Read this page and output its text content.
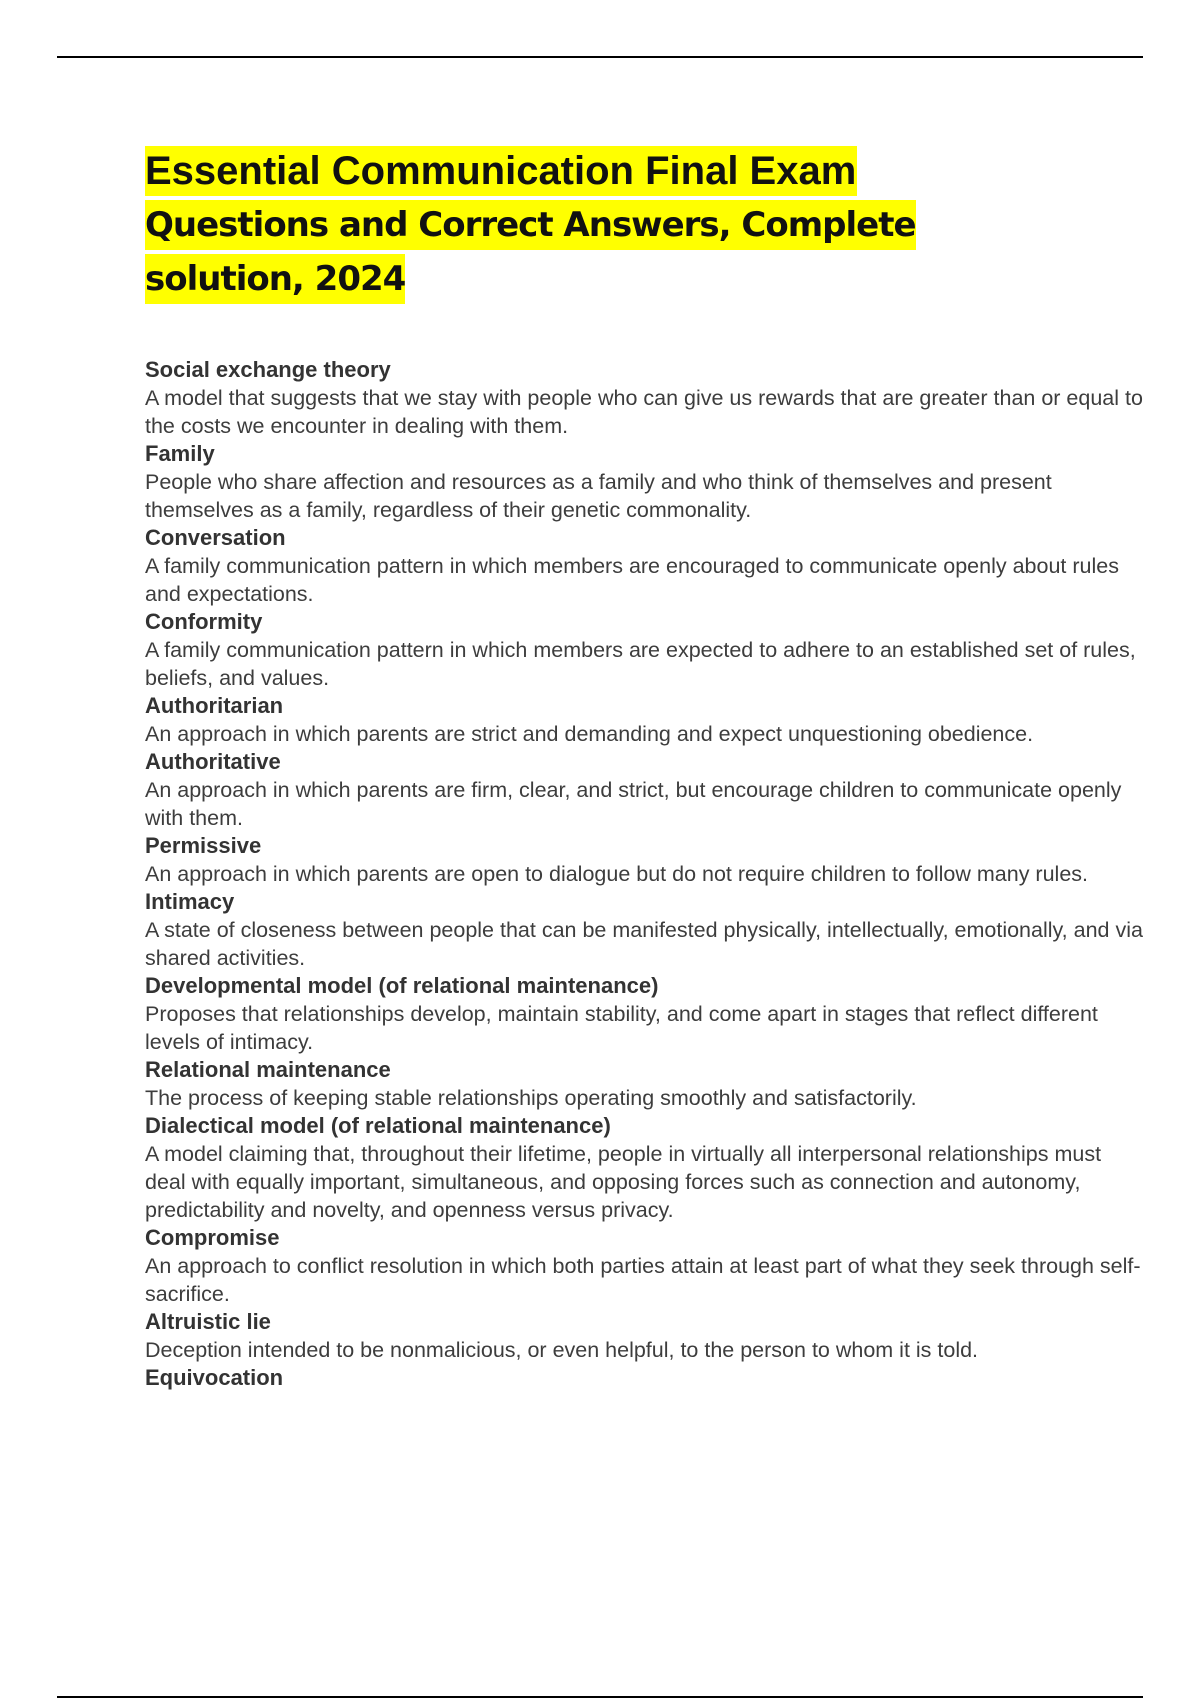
Essential Communication Final Exam
Questions and Correct Answers, Complete
solution, 2024
Social exchange theory
A model that suggests that we stay with people who can give us rewards that are greater than or equal to the costs we encounter in dealing with them.
Family
People who share affection and resources as a family and who think of themselves and present themselves as a family, regardless of their genetic commonality.
Conversation
A family communication pattern in which members are encouraged to communicate openly about rules and expectations.
Conformity
A family communication pattern in which members are expected to adhere to an established set of rules, beliefs, and values.
Authoritarian
An approach in which parents are strict and demanding and expect unquestioning obedience.
Authoritative
An approach in which parents are firm, clear, and strict, but encourage children to communicate openly with them.
Permissive
An approach in which parents are open to dialogue but do not require children to follow many rules.
Intimacy
A state of closeness between people that can be manifested physically, intellectually, emotionally, and via shared activities.
Developmental model (of relational maintenance)
Proposes that relationships develop, maintain stability, and come apart in stages that reflect different levels of intimacy.
Relational maintenance
The process of keeping stable relationships operating smoothly and satisfactorily.
Dialectical model (of relational maintenance)
A model claiming that, throughout their lifetime, people in virtually all interpersonal relationships must deal with equally important, simultaneous, and opposing forces such as connection and autonomy, predictability and novelty, and openness versus privacy.
Compromise
An approach to conflict resolution in which both parties attain at least part of what they seek through self-sacrifice.
Altruistic lie
Deception intended to be nonmalicious, or even helpful, to the person to whom it is told.
Equivocation
